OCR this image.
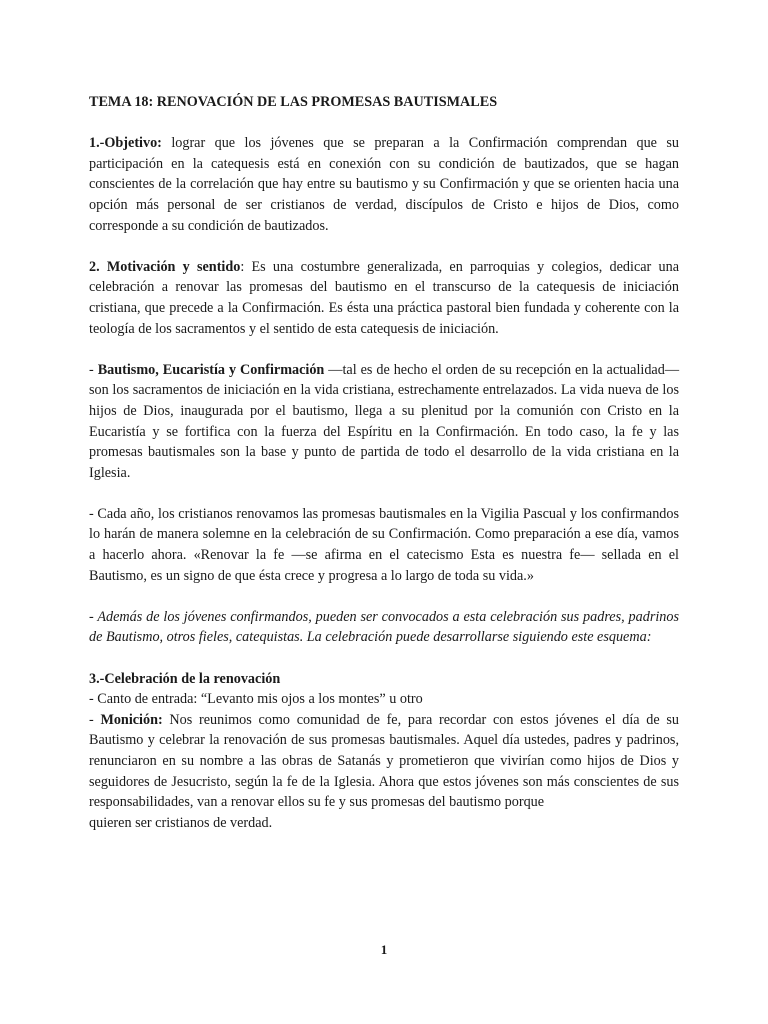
TEMA 18: RENOVACIÓN DE LAS PROMESAS BAUTISMALES

1.-Objetivo: lograr que los jóvenes que se preparan a la Confirmación comprendan que su participación en la catequesis está en conexión con su condición de bautizados, que se hagan conscientes de la correlación que hay entre su bautismo y su Confirmación y que se orienten hacia una opción más personal de ser cristianos de verdad, discípulos de Cristo e hijos de Dios, como corresponde a su condición de bautizados.

2. Motivación y sentido: Es una costumbre generalizada, en parroquias y colegios, dedicar una celebración a renovar las promesas del bautismo en el transcurso de la catequesis de iniciación cristiana, que precede a la Confirmación. Es ésta una práctica pastoral bien fundada y coherente con la teología de los sacramentos y el sentido de esta catequesis de iniciación.

- Bautismo, Eucaristía y Confirmación —tal es de hecho el orden de su recepción en la actualidad— son los sacramentos de iniciación en la vida cristiana, estrechamente entrelazados. La vida nueva de los hijos de Dios, inaugurada por el bautismo, llega a su plenitud por la comunión con Cristo en la Eucaristía y se fortifica con la fuerza del Espíritu en la Confirmación. En todo caso, la fe y las promesas bautismales son la base y punto de partida de todo el desarrollo de la vida cristiana en la Iglesia.

- Cada año, los cristianos renovamos las promesas bautismales en la Vigilia Pascual y los confirmandos lo harán de manera solemne en la celebración de su Confirmación. Como preparación a ese día, vamos a hacerlo ahora. «Renovar la fe —se afirma en el catecismo Esta es nuestra fe— sellada en el Bautismo, es un signo de que ésta crece y progresa a lo largo de toda su vida.»

- Además de los jóvenes confirmandos, pueden ser convocados a esta celebración sus padres, padrinos de Bautismo, otros fieles, catequistas. La celebración puede desarrollarse siguiendo este esquema:

3.-Celebración de la renovación

- Canto de entrada: “Levanto mis ojos a los montes” u otro

- Monición: Nos reunimos como comunidad de fe, para recordar con estos jóvenes el día de su Bautismo y celebrar la renovación de sus promesas bautismales. Aquel día ustedes, padres y padrinos, renunciaron en su nombre a las obras de Satanás y prometieron que vivirían como hijos de Dios y seguidores de Jesucristo, según la fe de la Iglesia. Ahora que estos jóvenes son más conscientes de sus responsabilidades, van a renovar ellos su fe y sus promesas del bautismo porque

quieren ser cristianos de verdad.

1
